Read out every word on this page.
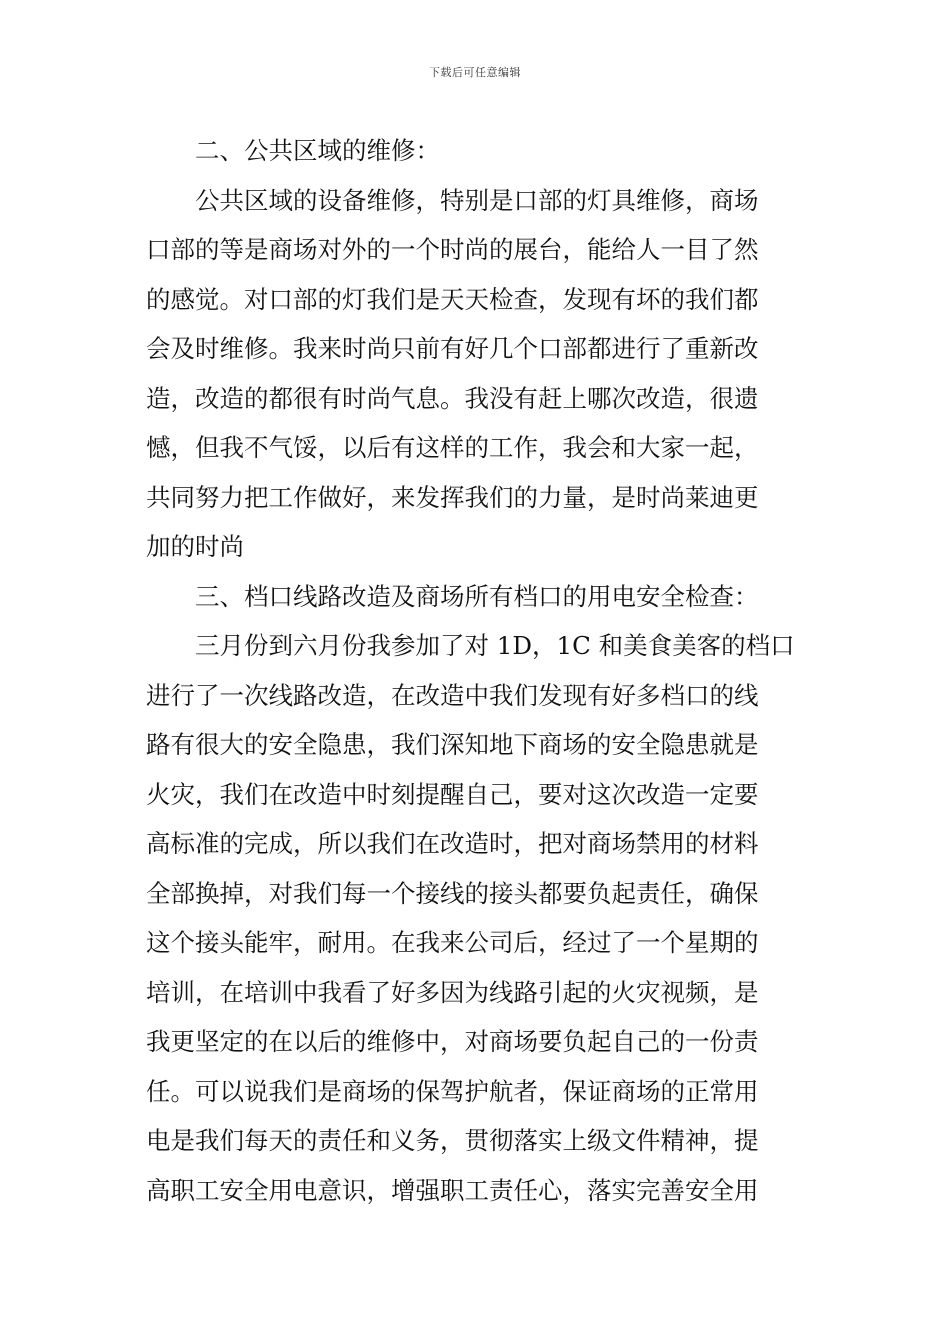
下载后可任意编辑
二、公共区域的维修：
公共区域的设备维修，特别是口部的灯具维修，商场
口部的等是商场对外的一个时尚的展台，能给人一目了然
的感觉。对口部的灯我们是天天检查，发现有坏的我们都
会及时维修。我来时尚只前有好几个口部都进行了重新改
造，改造的都很有时尚气息。我没有赶上哪次改造，很遗
憾，但我不气馁，以后有这样的工作，我会和大家一起，
共同努力把工作做好，来发挥我们的力量，是时尚莱迪更
加的时尚
三、档口线路改造及商场所有档口的用电安全检查：
三月份到六月份我参加了对 1D，1C 和美食美客的档口
进行了一次线路改造，在改造中我们发现有好多档口的线
路有很大的安全隐患，我们深知地下商场的安全隐患就是
火灾，我们在改造中时刻提醒自己，要对这次改造一定要
高标准的完成，所以我们在改造时，把对商场禁用的材料
全部换掉，对我们每一个接线的接头都要负起责任，确保
这个接头能牢，耐用。在我来公司后，经过了一个星期的
培训，在培训中我看了好多因为线路引起的火灾视频，是
我更坚定的在以后的维修中，对商场要负起自己的一份责
任。可以说我们是商场的保驾护航者，保证商场的正常用
电是我们每天的责任和义务，贯彻落实上级文件精神，提
高职工安全用电意识，增强职工责任心，落实完善安全用
